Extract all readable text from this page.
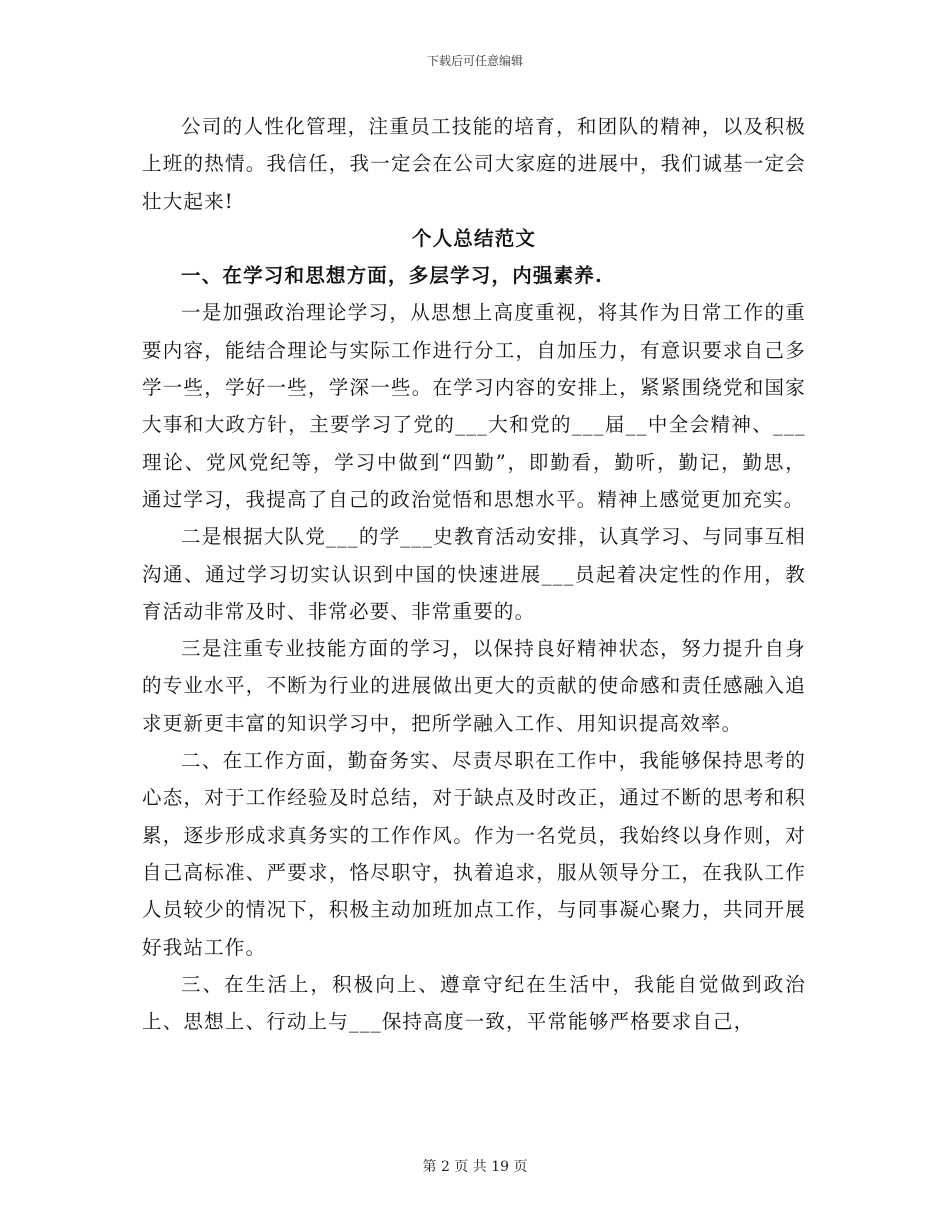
下载后可任意编辑

公司的人性化管理，注重员工技能的培育，和团队的精神，以及积极上班的热情。我信任，我一定会在公司大家庭的进展中，我们诚基一定会壮大起来!

个人总结范文

一、在学习和思想方面，多层学习，内强素养.

一是加强政治理论学习，从思想上高度重视，将其作为日常工作的重要内容，能结合理论与实际工作进行分工，自加压力，有意识要求自己多学一些，学好一些，学深一些。在学习内容的安排上，紧紧围绕党和国家大事和大政方针，主要学习了党的___大和党的___届__中全会精神、___理论、党风党纪等，学习中做到“四勤”，即勤看，勤听，勤记，勤思，通过学习，我提高了自己的政治觉悟和思想水平。精神上感觉更加充实。

二是根据大队党___的学___史教育活动安排，认真学习、与同事互相沟通、通过学习切实认识到中国的快速进展___员起着决定性的作用，教育活动非常及时、非常必要、非常重要的。

三是注重专业技能方面的学习，以保持良好精神状态，努力提升自身的专业水平，不断为行业的进展做出更大的贡献的使命感和责任感融入追求更新更丰富的知识学习中，把所学融入工作、用知识提高效率。

二、在工作方面，勤奋务实、尽责尽职在工作中，我能够保持思考的心态，对于工作经验及时总结，对于缺点及时改正，通过不断的思考和积累，逐步形成求真务实的工作作风。作为一名党员，我始终以身作则，对自己高标准、严要求，恪尽职守，执着追求，服从领导分工，在我队工作人员较少的情况下，积极主动加班加点工作，与同事凝心聚力，共同开展好我站工作。

三、在生活上，积极向上、遵章守纪在生活中，我能自觉做到政治上、思想上、行动上与___保持高度一致，平常能够严格要求自己，

第 2 页 共 19 页
